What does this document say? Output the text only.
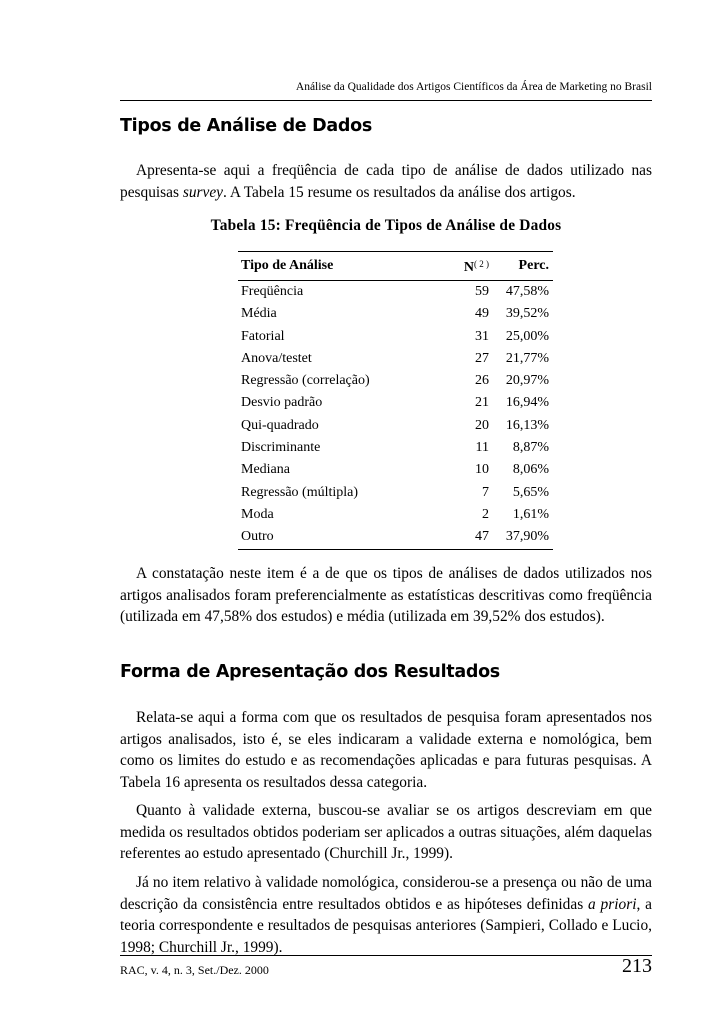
Análise da Qualidade dos Artigos Científicos da Área de Marketing no Brasil
Tipos de Análise de Dados

Apresenta-se aqui a freqüência de cada tipo de análise de dados utilizado nas pesquisas survey. A Tabela 15 resume os resultados da análise dos artigos.

Tabela 15: Freqüência de Tipos de Análise de Dados
Tipo de Análise	$N^{( 2 )}$	Perc.
Freqüência	59	47,58%
Média	49	39,52%
Fatorial	31	25,00%
Anova/testet	27	21,77%
Regressão (correlação)	26	20,97%
Desvio padrão	21	16,94%
Qui-quadrado	20	16,13%
Discriminante	11	8,87%
Mediana	10	8,06%
Regressão (múltipla)	7	5,65%
Moda	2	1,61%
Outro	47	37,90%

A constatação neste item é a de que os tipos de análises de dados utilizados nos artigos analisados foram preferencialmente as estatísticas descritivas como freqüência (utilizada em 47,58% dos estudos) e média (utilizada em 39,52% dos estudos).

Forma de Apresentação dos Resultados

Relata-se aqui a forma com que os resultados de pesquisa foram apresentados nos artigos analisados, isto é, se eles indicaram a validade externa e nomológica, bem como os limites do estudo e as recomendações aplicadas e para futuras pesquisas. A Tabela 16 apresenta os resultados dessa categoria.

Quanto à validade externa, buscou-se avaliar se os artigos descreviam em que medida os resultados obtidos poderiam ser aplicados a outras situações, além daquelas referentes ao estudo apresentado (Churchill Jr., 1999).

Já no item relativo à validade nomológica, considerou-se a presença ou não de uma descrição da consistência entre resultados obtidos e as hipóteses definidas a priori, a teoria correspondente e resultados de pesquisas anteriores (Sampieri, Collado e Lucio, 1998; Churchill Jr., 1999).

RAC, v. 4, n. 3, Set./Dez. 2000	213
